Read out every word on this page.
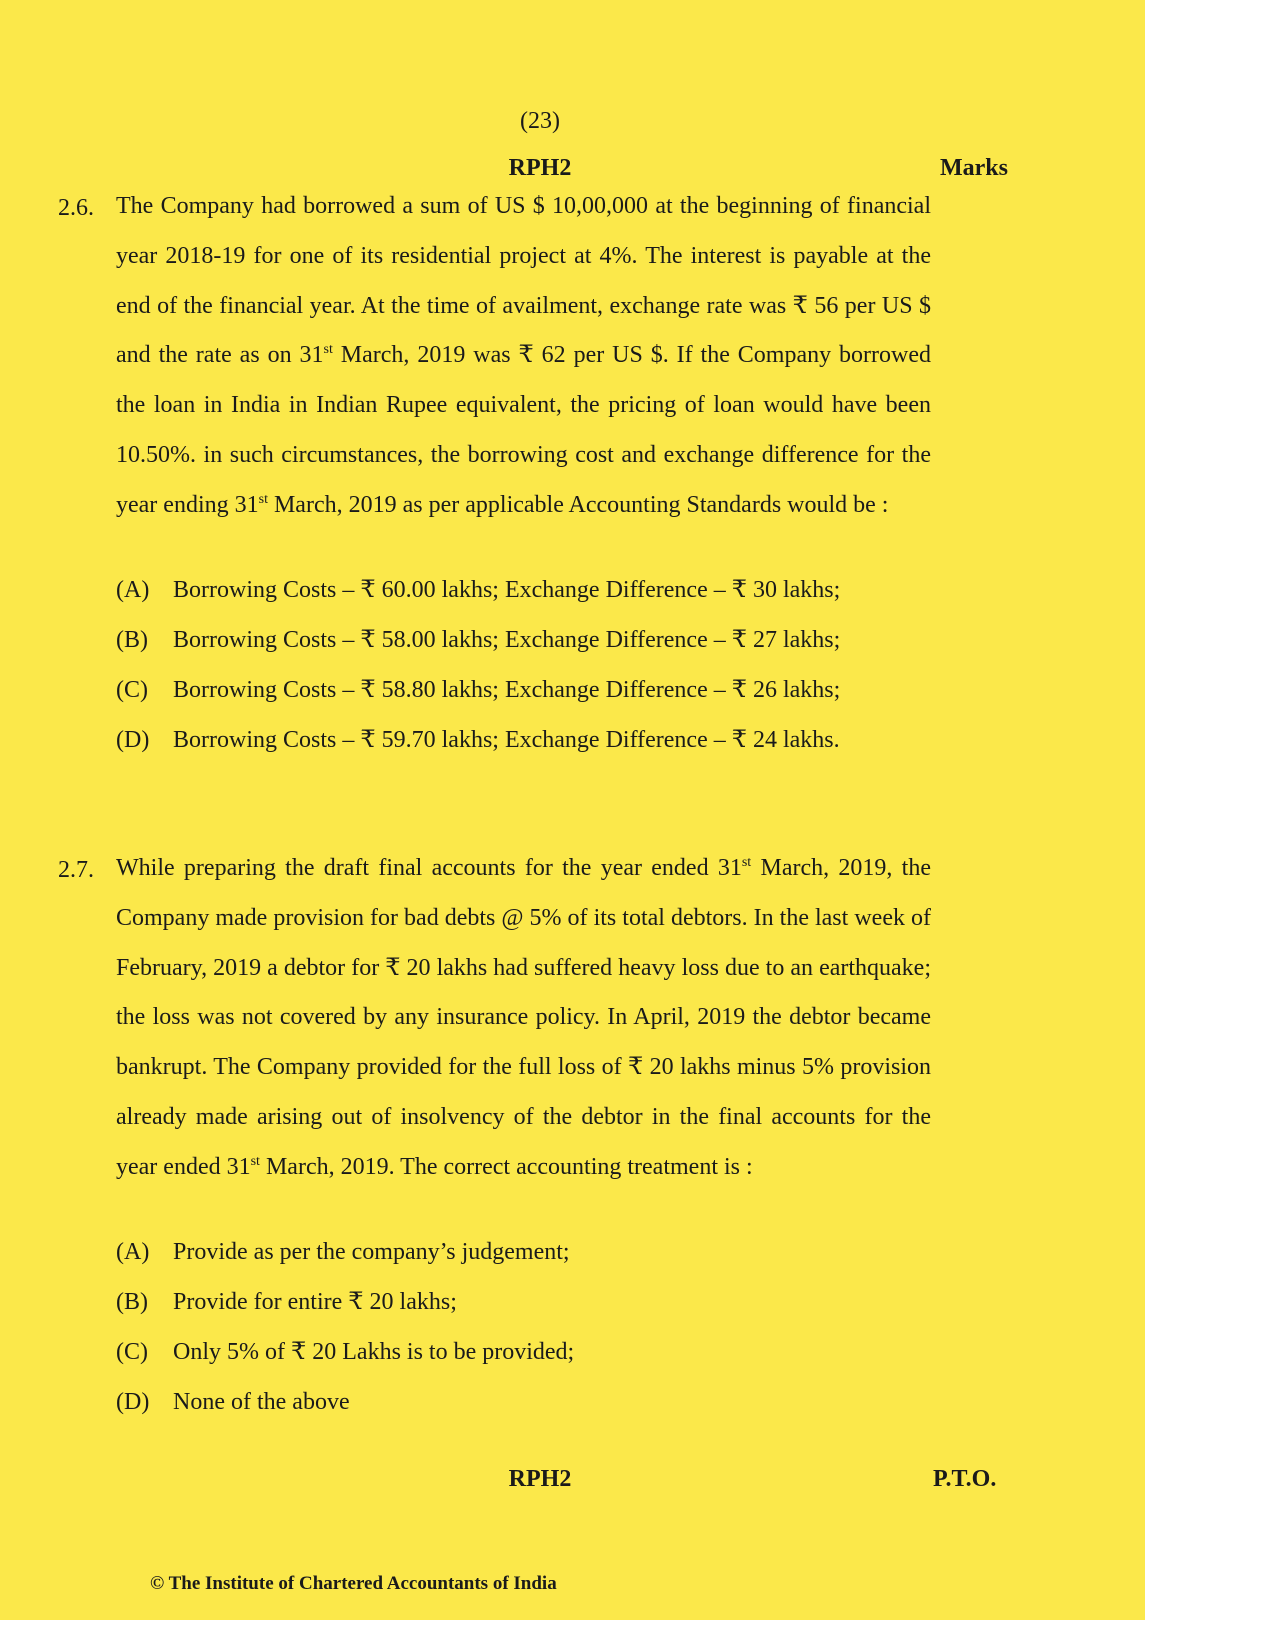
(23)
RPH2	Marks
2.6. The Company had borrowed a sum of US $ 10,00,000 at the beginning of financial year 2018-19 for one of its residential project at 4%. The interest is payable at the end of the financial year. At the time of availment, exchange rate was ₹ 56 per US $ and the rate as on 31st March, 2019 was ₹ 62 per US $. If the Company borrowed the loan in India in Indian Rupee equivalent, the pricing of loan would have been 10.50%. in such circumstances, the borrowing cost and exchange difference for the year ending 31st March, 2019 as per applicable Accounting Standards would be :
(A) Borrowing Costs – ₹ 60.00 lakhs; Exchange Difference – ₹ 30 lakhs;
(B) Borrowing Costs – ₹ 58.00 lakhs; Exchange Difference – ₹ 27 lakhs;
(C) Borrowing Costs – ₹ 58.80 lakhs; Exchange Difference – ₹ 26 lakhs;
(D) Borrowing Costs – ₹ 59.70 lakhs; Exchange Difference – ₹ 24 lakhs.
2.7. While preparing the draft final accounts for the year ended 31st March, 2019, the Company made provision for bad debts @ 5% of its total debtors. In the last week of February, 2019 a debtor for ₹ 20 lakhs had suffered heavy loss due to an earthquake; the loss was not covered by any insurance policy. In April, 2019 the debtor became bankrupt. The Company provided for the full loss of ₹ 20 lakhs minus 5% provision already made arising out of insolvency of the debtor in the final accounts for the year ended 31st March, 2019. The correct accounting treatment is :
(A) Provide as per the company’s judgement;
(B) Provide for entire ₹ 20 lakhs;
(C) Only 5% of ₹ 20 Lakhs is to be provided;
(D) None of the above
RPH2	P.T.O.
© The Institute of Chartered Accountants of India
